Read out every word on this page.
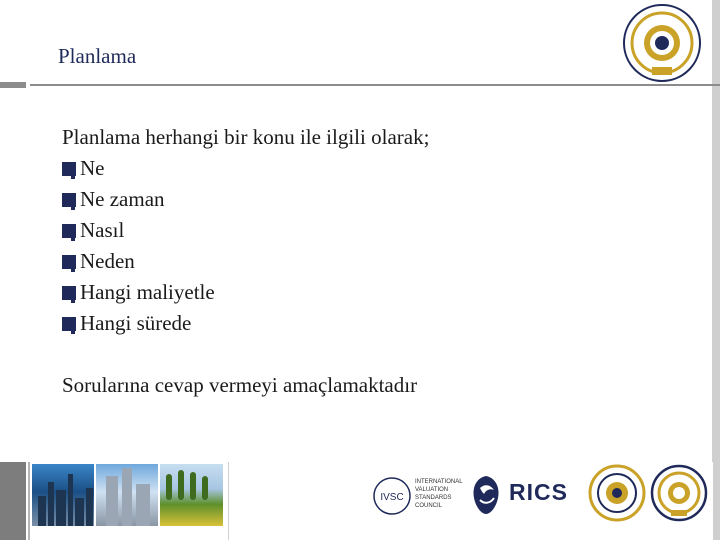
Planlama

Planlama herhangi bir konu ile ilgili olarak;

Ne
Ne zaman
Nasıl
Neden
Hangi maliyetle
Hangi sürede

Sorularına cevap vermeyi amaçlamaktadır

IVSC
INTERNATIONAL
VALUATION
STANDARDS
COUNCIL
RICS
